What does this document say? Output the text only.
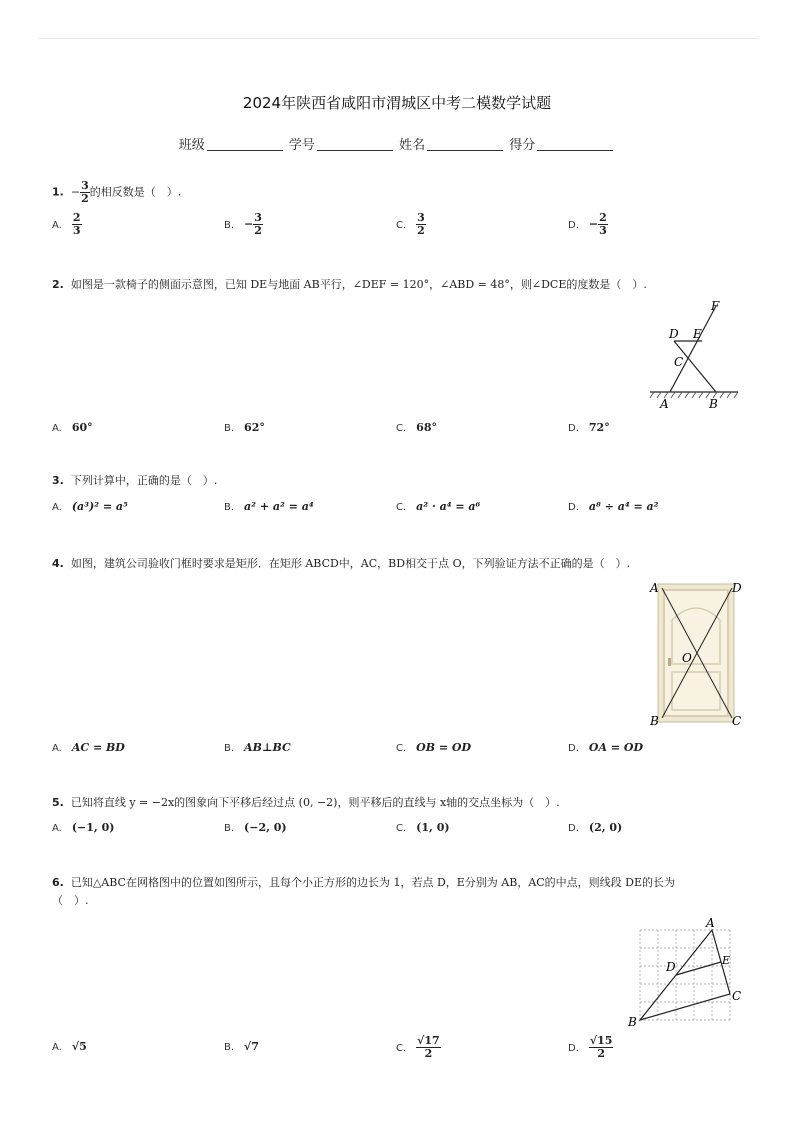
2024年陕西省咸阳市渭城区中考二模数学试题
班级	学号	姓名	得分
1. − $\frac{3}{2}$ 的相反数是（　）.
A. $\frac{2}{3}$	B. − $\frac{3}{2}$	C. $\frac{3}{2}$	D. − $\frac{2}{3}$
2. 如图是一款椅子的侧面示意图，已知 DE与地面 AB平行，∠DEF = 120°，∠ABD = 48°，则∠DCE的度数是（　）.
F
D E
C
A	B
A. 60°	B. 62°	C. 68°	D. 72°
3. 下列计算中，正确的是（　）.
A. (a³)² = a⁵	B. a² + a² = a⁴	C. a² · a⁴ = a⁶	D. a⁸ ÷ a⁴ = a²
4. 如图，建筑公司验收门框时要求是矩形．在矩形 ABCD中，AC，BD相交于点 O，下列验证方法不正确的是（　）.
A	D
O
B	C
A. AC = BD	B. AB⊥BC	C. OB = OD	D. OA = OD
5. 已知将直线 y = −2x的图象向下平移后经过点 (0, −2)，则平移后的直线与 x轴的交点坐标为（　）.
A. (−1, 0)	B. (−2, 0)	C. (1, 0)	D. (2, 0)
6. 已知△ABC在网格图中的位置如图所示，且每个小正方形的边长为 1，若点 D，E分别为 AB，AC的中点，则线段 DE的长为
（　）.
A
D	E
C
B
A. √5	B. √7	C. $\frac{√17}{2}$	D. $\frac{√15}{2}$
